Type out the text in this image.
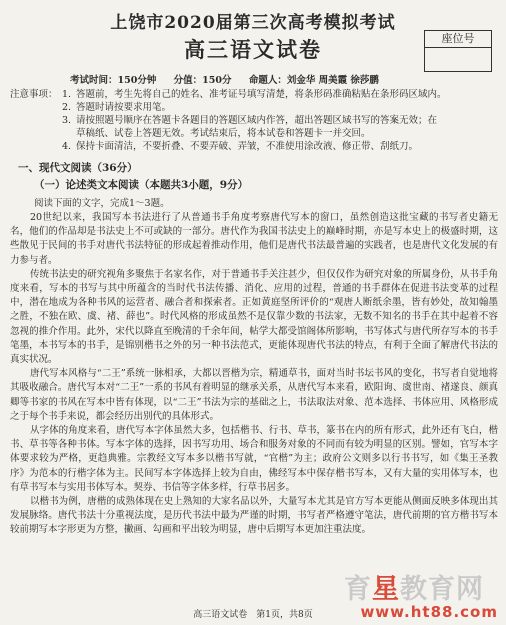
上饶市2020届第三次高考模拟考试
高三语文试卷	座位号
考试时间：150分钟 分值：150分 命题人：刘金华 周美霞 徐莎鹏
注意事项： 1. 答题前，考生先将自己的姓名、准考证号填写清楚，将条形码准确粘贴在条形码区域内。
2. 答题时请按要求用笔。
3. 请按照题号顺序在答题卡各题目的答题区域内作答，超出答题区域书写的答案无效；在
草稿纸、试卷上答题无效。考试结束后，将本试卷和答题卡一并交回。
4. 保持卡面清洁，不要折叠、不要弄破、弄皱，不准使用涂改液、修正带、刮纸刀。
一、现代文阅读（36分）
（一）论述类文本阅读（本题共3小题，9分）
阅读下面的文字，完成1～3题。

20世纪以来，我国写本书法进行了从普通书手角度考察唐代写本的窗口，虽然创造这批宝藏的书写者史籍无名，他们的作品却是书法史上不可或缺的一部分。唐代作为我国书法史上的巅峰时期，亦是写本史上的极盛时期，这些散见于民间的书手对唐代书法特征的形成起着推动作用，他们是唐代书法最普遍的实践者，也是唐代文化发展的有力参与者。

传统书法史的研究视角多聚焦于名家名作，对于普通书手关注甚少，但仅仅作为研究对象的所属身份，从书手角度来看，写本的书写与其中所蕴含的当时代书法传播、消化、应用的过程，普通的书手群体在促进书法变革的过程中，潜在地成为各种书风的运营者、融合者和探索者。正如黄庭坚所评价的“观唐人断纸余墨，皆有妙处，故知翰墨之胜，不独在欧、虞、褚、薛也”。时代风格的形成虽然不是仅靠少数的书法家，无数不知名的书手在其中起着不容忽视的推介作用。此外，宋代以降直至晚清的千余年间，帖学大都受馆阁体所影响，书写体式与唐代所存写本的书手笔墨，本书写本的书手，是锦别楷书之外的另一种书法范式，更能体现唐代书法的特点，有利于全面了解唐代书法的真实状况。

唐代写本风格与“二王”系统一脉相承，大都以晋楷为宗，精通草书，面对当时书坛书风的变化，书写者自觉地将其吸收融合。唐代写本对“二王”一系的书风有着明显的继承关系，从唐代写本来看，欧阳询、虞世南、褚遂良、颜真卿等书家的书风在写本中皆有体现，以“二王”书法为宗的基础之上，书法取法对象、范本选择、书体应用、风格形成之于每个书手来说，都会经历出别代的具体形式。

从字体的角度来看，唐代写本字体虽然大多，包括楷书、行书、草书，篆书在内的所有形式，此外还有飞白，楷书、草书等各种书体。写本字体的选择，因书写功用、场合和服务对象的不同而有较为明显的区别。譬如，官写本字体要求较为严格，更趋典雅。宗教经文写本多以楷书写就，“官楷”为主；政府公文则多以行书书写，如《集王圣教序》为范本的行楷字体为主。民间写本字体选择上较为自由，佛经写本中保存楷书写本，又有大量的实用体写本，也有草书写本与实用书体写本。契券、书信等字体多样，行草书居多。

以楷书为例，唐楷的成熟体现在史上熟知的大家名品以外，大量写本尤其是官方写本更能从侧面反映多体现出其发展脉络。唐代书法十分重视法度，是历代书法中最为严谨的时期，书写者严格遵守笔法，唐代前期的官方楷书写本较前期写本字形更为方整，撇画、勾画和平出较为明显，唐中后期写本更加注重法度。

高三语文试卷　第1页，共8页
育星教育网
www.ht88.com
